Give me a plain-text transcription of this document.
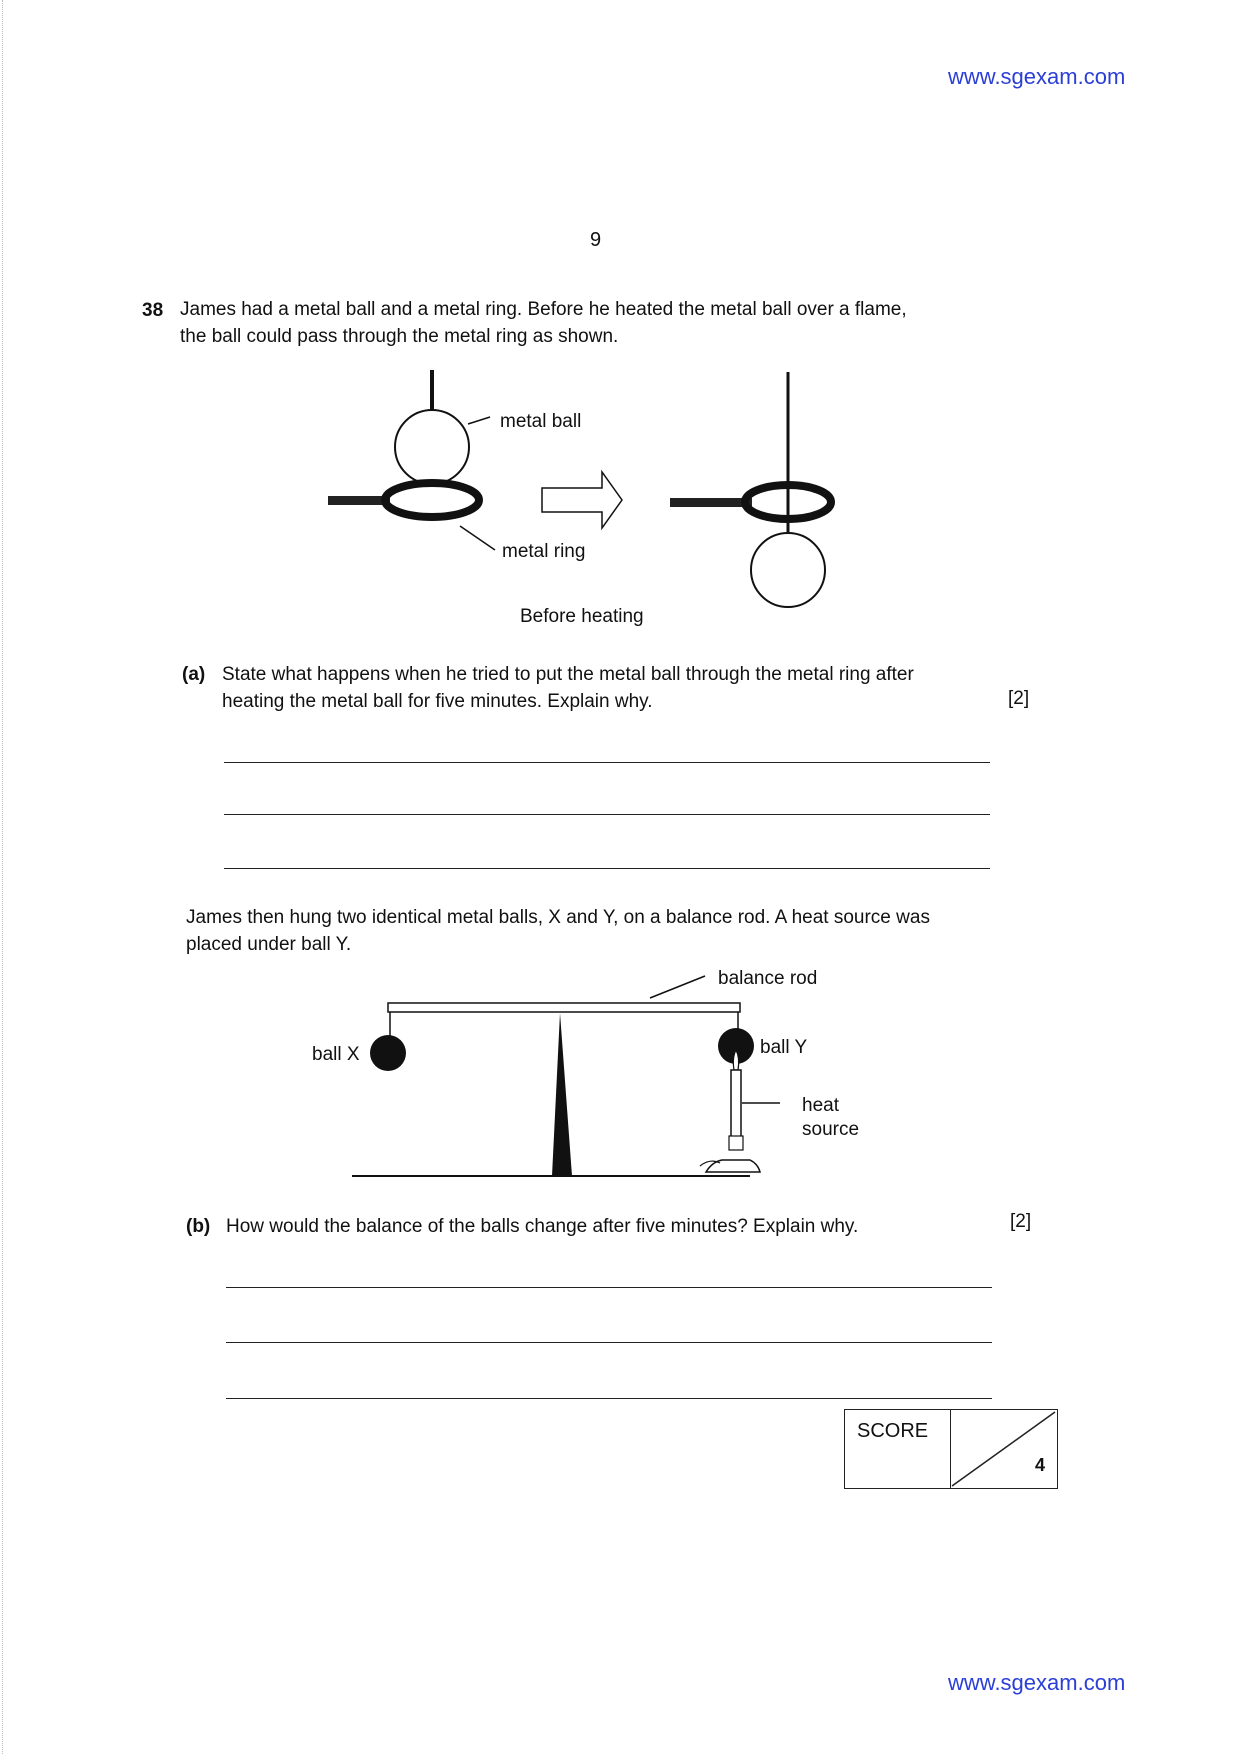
www.sgexam.com
9
38 James had a metal ball and a metal ring. Before he heated the metal ball over a flame,
the ball could pass through the metal ring as shown.
metal ball
metal ring
Before heating
(a) State what happens when he tried to put the metal ball through the metal ring after
heating the metal ball for five minutes. Explain why.	[2]
James then hung two identical metal balls, X and Y, on a balance rod. A heat source was
placed under ball Y.
balance rod
ball X	ball Y
heat
source
(b) How would the balance of the balls change after five minutes? Explain why.	[2]
SCORE
4
www.sgexam.com
